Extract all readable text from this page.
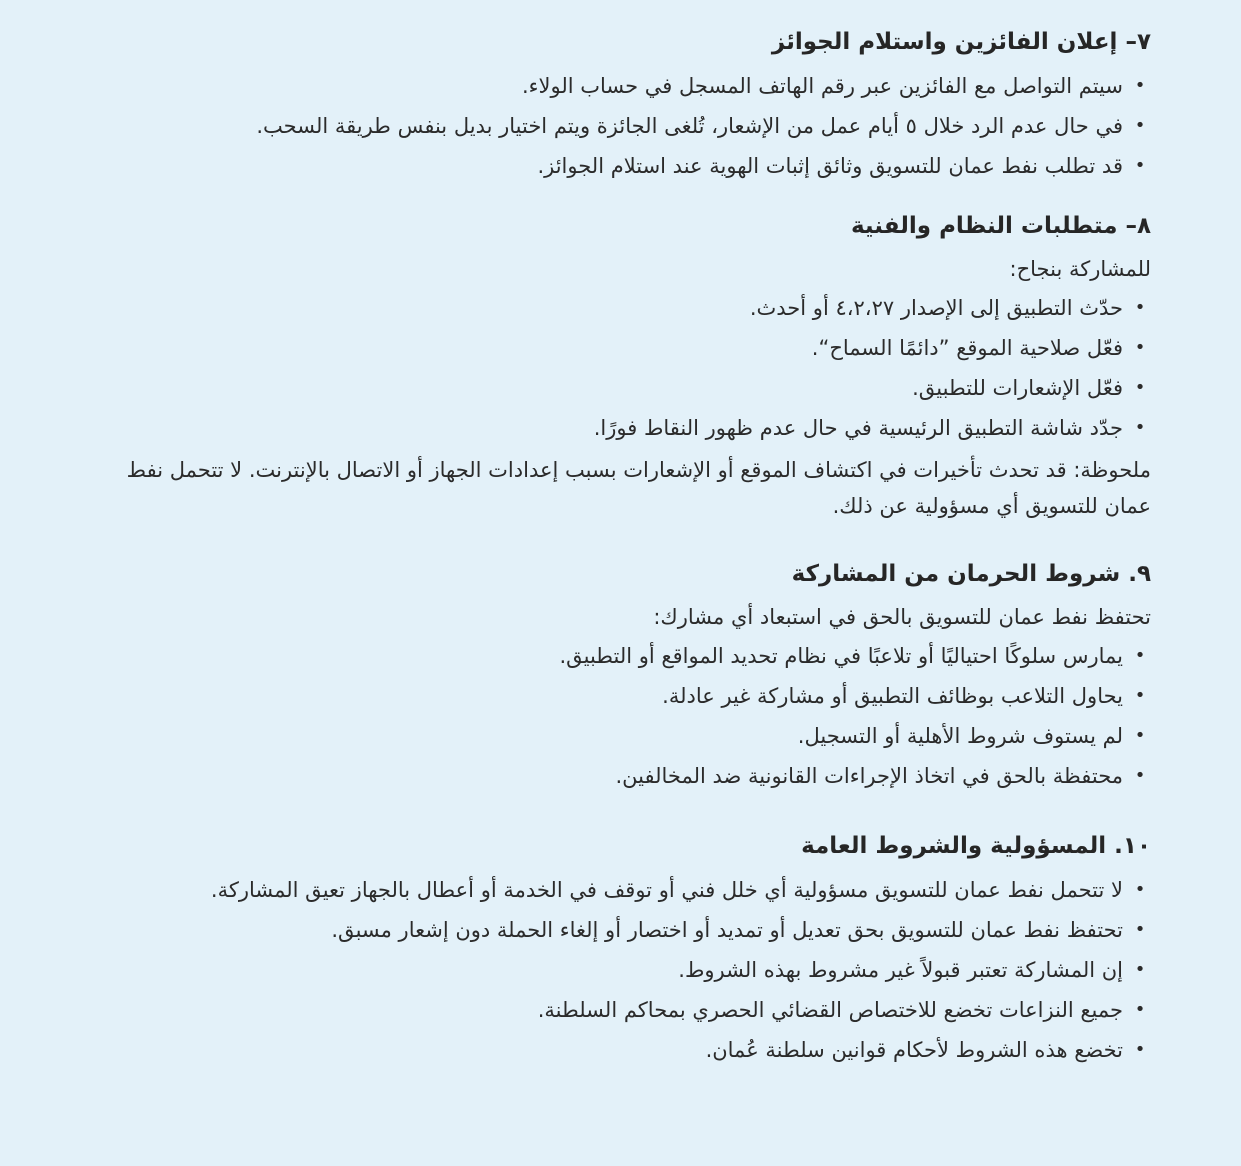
٧– إعلان الفائزين واستلام الجوائز
•
سيتم التواصل مع الفائزين عبر رقم الهاتف المسجل في حساب الولاء.
•
في حال عدم الرد خلال ٥ أيام عمل من الإشعار، تُلغى الجائزة ويتم اختيار بديل بنفس طريقة السحب.
•
قد تطلب نفط عمان للتسويق وثائق إثبات الهوية عند استلام الجوائز.
٨– متطلبات النظام والفنية

للمشاركة بنجاح:

•
حدّث التطبيق إلى الإصدار ٤،٢،٢٧ أو أحدث.
•
فعّل صلاحية الموقع ”دائمًا السماح“.
•
فعّل الإشعارات للتطبيق.
•
جدّد شاشة التطبيق الرئيسية في حال عدم ظهور النقاط فورًا.

ملحوظة: قد تحدث تأخيرات في اكتشاف الموقع أو الإشعارات بسبب إعدادات الجهاز أو الاتصال بالإنترنت. لا تتحمل نفط عمان للتسويق أي مسؤولية عن ذلك.

٩. شروط الحرمان من المشاركة

تحتفظ نفط عمان للتسويق بالحق في استبعاد أي مشارك:

•
يمارس سلوكًا احتياليًا أو تلاعبًا في نظام تحديد المواقع أو التطبيق.
•
يحاول التلاعب بوظائف التطبيق أو مشاركة غير عادلة.
•
لم يستوف شروط الأهلية أو التسجيل.
•
محتفظة بالحق في اتخاذ الإجراءات القانونية ضد المخالفين.
١٠. المسؤولية والشروط العامة
•
لا تتحمل نفط عمان للتسويق مسؤولية أي خلل فني أو توقف في الخدمة أو أعطال بالجهاز تعيق المشاركة.
•
تحتفظ نفط عمان للتسويق بحق تعديل أو تمديد أو اختصار أو إلغاء الحملة دون إشعار مسبق.
•
إن المشاركة تعتبر قبولاً غير مشروط بهذه الشروط.
•
جميع النزاعات تخضع للاختصاص القضائي الحصري بمحاكم السلطنة.
•
تخضع هذه الشروط لأحكام قوانين سلطنة عُمان.
